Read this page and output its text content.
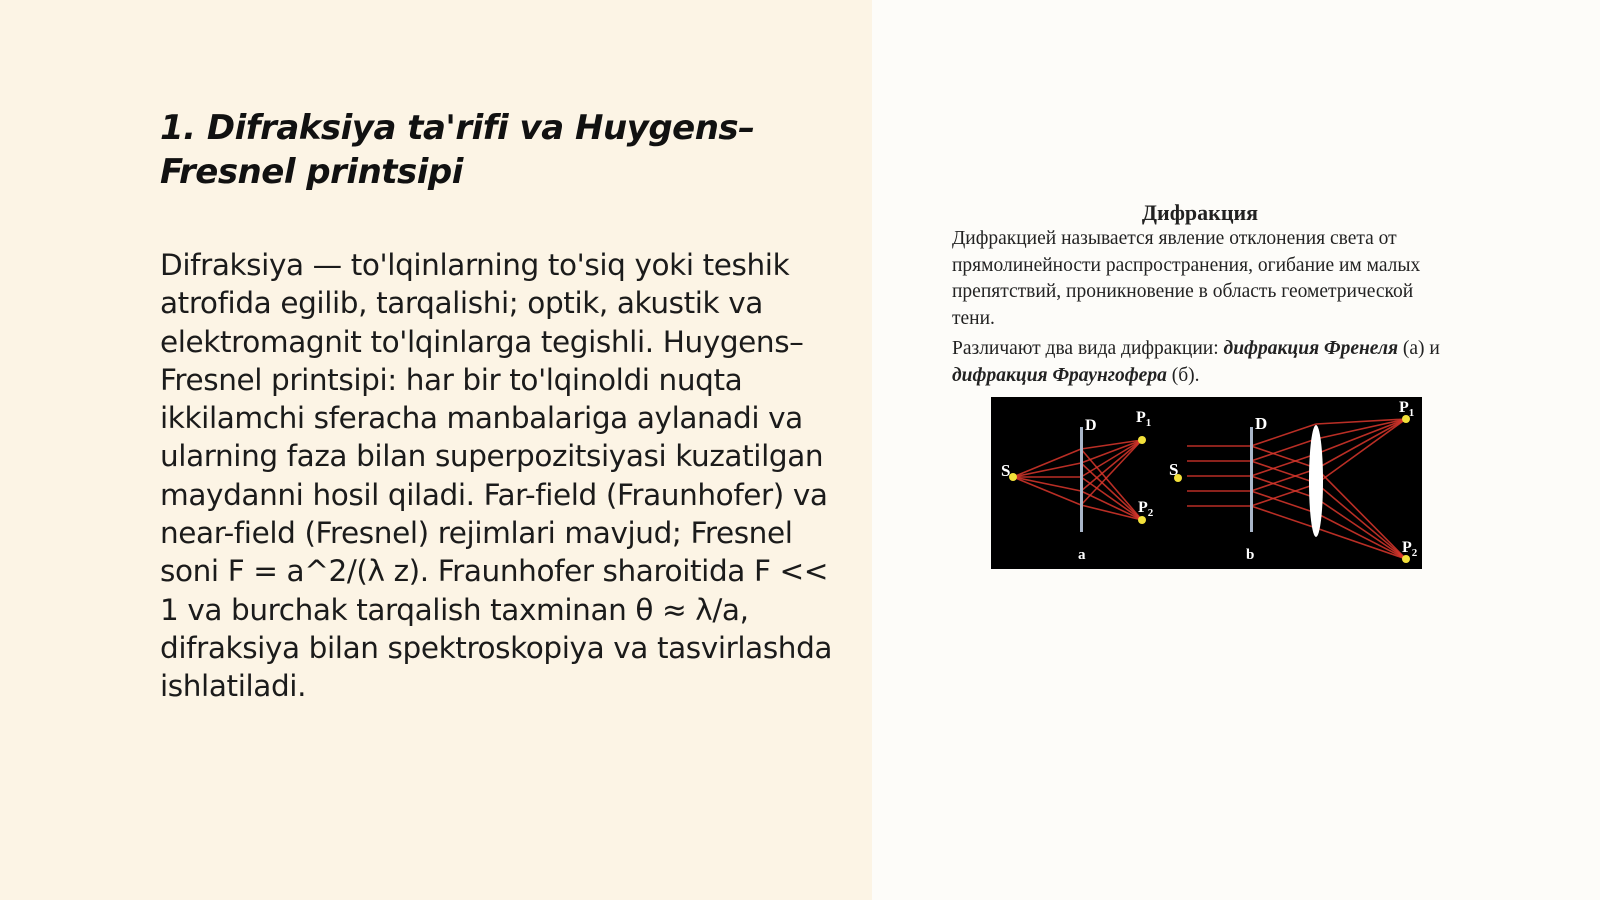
1. Difraksiya ta'rifi va Huygens–Fresnel printsipi

Difraksiya — to'lqinlarning to'siq yoki teshik atrofida egilib, tarqalishi; optik, akustik va elektromagnit to'lqinlarga tegishli. Huygens–Fresnel printsipi: har bir to'lqinoldi nuqta ikkilamchi sferacha manbalariga aylanadi va ularning faza bilan superpozitsiyasi kuzatilgan maydanni hosil qiladi. Far-field (Fraunhofer) va near-field (Fresnel) rejimlari mavjud; Fresnel soni F = a^2/(λ z). Fraunhofer sharoitida F << 1 va burchak tarqalish taxminan θ ≈ λ/a, difraksiya bilan spektroskopiya va tasvirlashda ishlatiladi.

Дифракция
Дифракцией называется явление отклонения света от прямолинейности распространения, огибание им малых препятствий, проникновение в область геометрической тени.
Различают два вида дифракции: дифракция Френеля (а) и дифракция Фраунгофера (б).
S
D $P_1$
$P_2$
a
S
D
$P_1$
$P_2$
b
